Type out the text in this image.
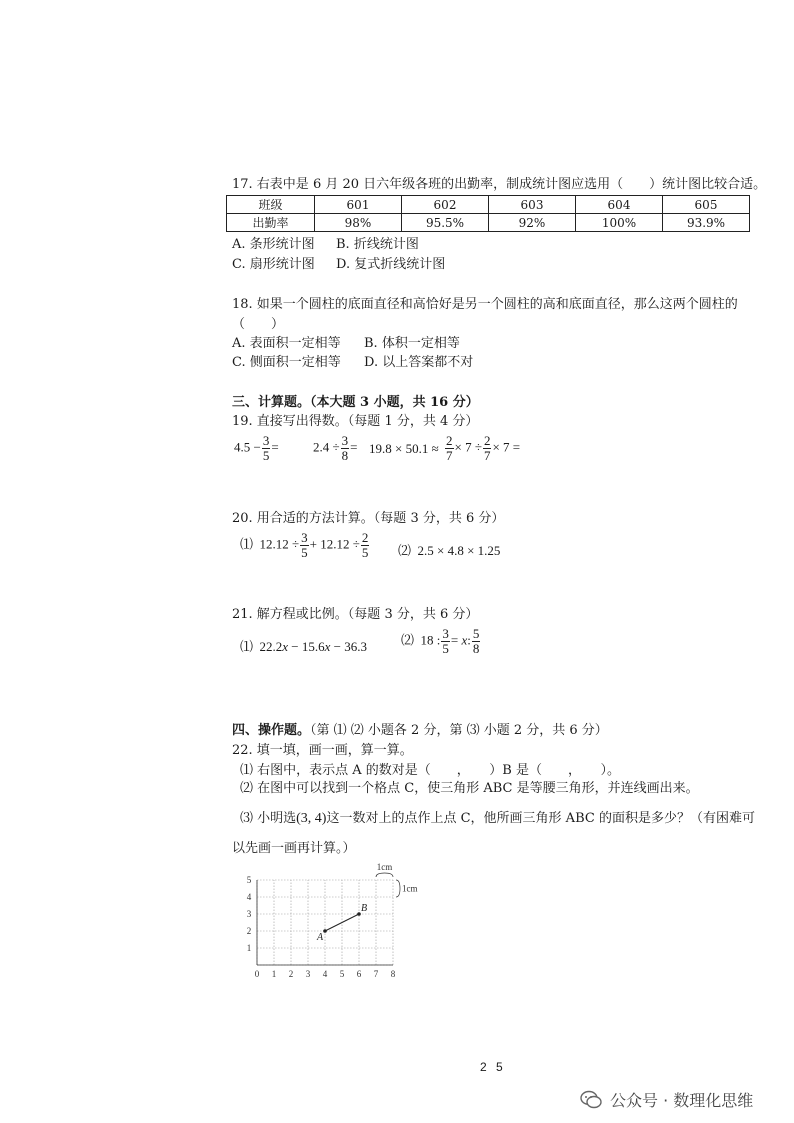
17. 右表中是 6 月 20 日六年级各班的出勤率，制成统计图应选用（　　）统计图比较合适。
班级	601	602	603	604	605
出勤率	98%	95.5%	92%	100%	93.9%
A. 条形统计图 B. 折线统计图
C. 扇形统计图 D. 复式折线统计图
18. 如果一个圆柱的底面直径和高恰好是另一个圆柱的高和底面直径，那么这两个圆柱的
（　　）
A. 表面积一定相等 B. 体积一定相等
C. 侧面积一定相等 D. 以上答案都不对
三、计算题。（本大题 3 小题，共 16 分）
19. 直接写出得数。（每题 1 分，共 4 分）
$4.5 - \frac{3}{5}$ =	$2.4 \div \frac{3}{8} = 19.8 \times 50.1 \approx \frac{2}{7} \times 7 \div \frac{2}{7} \times 7$ =
20. 用合适的方法计算。（每题 3 分，共 6 分）
⑴ $12.12 \div \frac{3}{5} + 12.12 \div \frac{2}{5}$ ⑵ 2.5 × 4.8 × 1.25
21. 解方程或比例。（每题 3 分，共 6 分）
⑴ 22.2x − 15.6x − 36.3	⑵ 18 : $\frac{3}{5} = x$: $\frac{5}{8}$
四、操作题。（第 ⑴ ⑵ 小题各 2 分，第 ⑶ 小题 2 分，共 6 分）
22. 填一填，画一画，算一算。
⑴ 右图中，表示点 A 的数对是（　　，　　）B 是（　　，　　）。
⑵ 在图中可以找到一个格点 C，使三角形 ABC 是等腰三角形，并连线画出来。
⑶ 小明选(3, 4)这一数对上的点作上点 C，他所画三角形 ABC 的面积是多少？（有困难可
以先画一画再计算。）
0 1 2 3 4 5 6 7 8
1
2
3
4
5
A
B
1cm
1cm
2 5
公众号 · 数理化思维
